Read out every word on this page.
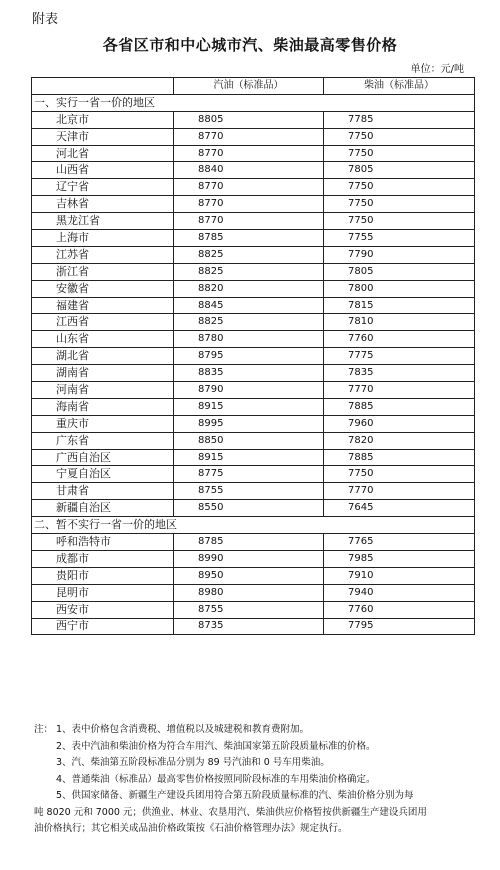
附表
各省区市和中心城市汽、柴油最高零售价格
单位：元/吨
	汽油（标准品）	柴油（标准品）
一、实行一省一价的地区		
北京市	8805	7785
天津市	8770	7750
河北省	8770	7750
山西省	8840	7805
辽宁省	8770	7750
吉林省	8770	7750
黑龙江省	8770	7750
上海市	8785	7755
江苏省	8825	7790
浙江省	8825	7805
安徽省	8820	7800
福建省	8845	7815
江西省	8825	7810
山东省	8780	7760
湖北省	8795	7775
湖南省	8835	7835
河南省	8790	7770
海南省	8915	7885
重庆市	8995	7960
广东省	8850	7820
广西自治区	8915	7885
宁夏自治区	8775	7750
甘肃省	8755	7770
新疆自治区	8550	7645
二、暂不实行一省一价的地区		
呼和浩特市	8785	7765
成都市	8990	7985
贵阳市	8950	7910
昆明市	8980	7940
西安市	8755	7760
西宁市	8735	7795
注： 1、表中价格包含消费税、增值税以及城建税和教育费附加。
2、表中汽油和柴油价格为符合车用汽、柴油国家第五阶段质量标准的价格。
3、汽、柴油第五阶段标准品分别为 89 号汽油和 0 号车用柴油。
4、普通柴油（标准品）最高零售价格按照同阶段标准的车用柴油价格确定。
5、供国家储备、新疆生产建设兵团用符合第五阶段质量标准的汽、柴油价格分别为每
吨 8020 元和 7000 元；供渔业、林业、农垦用汽、柴油供应价格暂按供新疆生产建设兵团用
油价格执行；其它相关成品油价格政策按《石油价格管理办法》规定执行。
